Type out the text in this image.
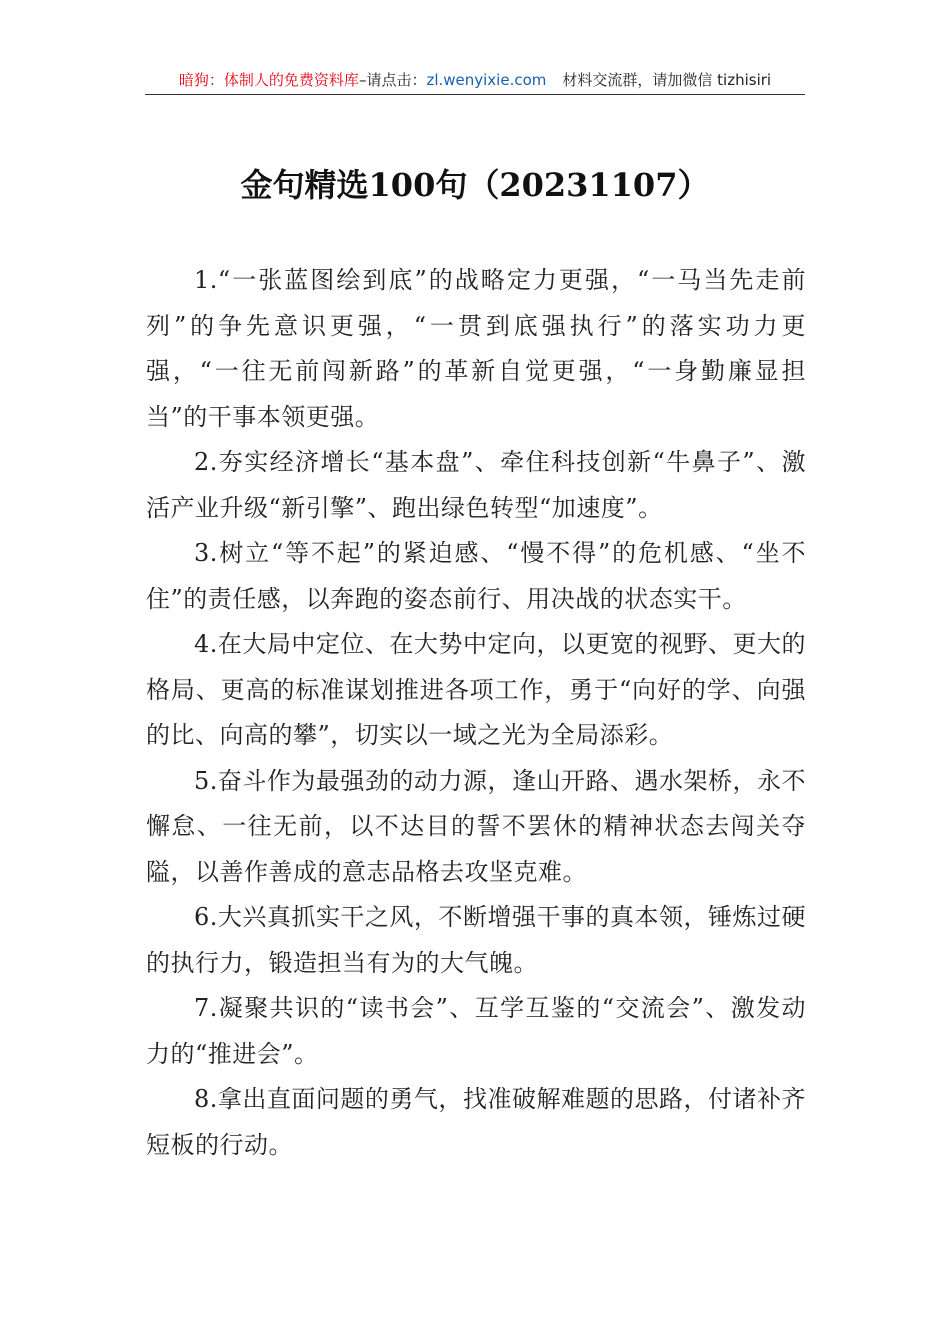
暗狗：体制人的免费资料库–请点击：zl.wenyixie.com 材料交流群，请加微信 tizhisiri
金句精选100句（20231107）

1.“一张蓝图绘到底”的战略定力更强，“一马当先走前列”的争先意识更强，“一贯到底强执行”的落实功力更强，“一往无前闯新路”的革新自觉更强，“一身勤廉显担当”的干事本领更强。

2.夯实经济增长“基本盘”、牵住科技创新“牛鼻子”、激活产业升级“新引擎”、跑出绿色转型“加速度”。

3.树立“等不起”的紧迫感、“慢不得”的危机感、“坐不住”的责任感，以奔跑的姿态前行、用决战的状态实干。

4.在大局中定位、在大势中定向，以更宽的视野、更大的格局、更高的标准谋划推进各项工作，勇于“向好的学、向强的比、向高的攀”，切实以一域之光为全局添彩。

5.奋斗作为最强劲的动力源，逢山开路、遇水架桥，永不懈怠、一往无前，以不达目的誓不罢休的精神状态去闯关夺隘，以善作善成的意志品格去攻坚克难。

6.大兴真抓实干之风，不断增强干事的真本领，锤炼过硬的执行力，锻造担当有为的大气魄。

7.凝聚共识的“读书会”、互学互鉴的“交流会”、激发动力的“推进会”。

8.拿出直面问题的勇气，找准破解难题的思路，付诸补齐短板的行动。
